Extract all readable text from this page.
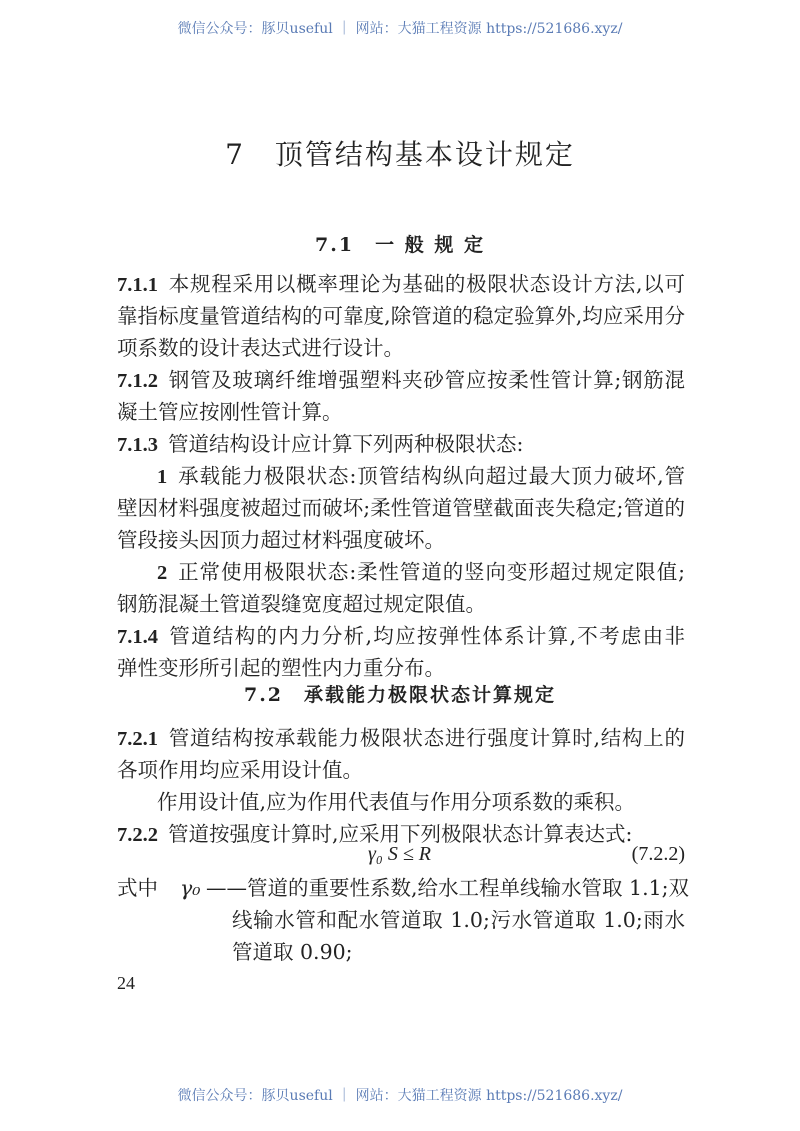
微信公众号：豚贝useful ｜ 网站：大猫工程资源 https://521686.xyz/
7　顶管结构基本设计规定
7.1　一 般 规 定
7.1.1 本规程采用以概率理论为基础的极限状态设计方法,以可
靠指标度量管道结构的可靠度,除管道的稳定验算外,均应采用分
项系数的设计表达式进行设计。
7.1.2 钢管及玻璃纤维增强塑料夹砂管应按柔性管计算;钢筋混
凝土管应按刚性管计算。
7.1.3 管道结构设计应计算下列两种极限状态:
1 承载能力极限状态:顶管结构纵向超过最大顶力破坏,管
壁因材料强度被超过而破坏;柔性管道管壁截面丧失稳定;管道的
管段接头因顶力超过材料强度破坏。
2 正常使用极限状态:柔性管道的竖向变形超过规定限值;
钢筋混凝土管道裂缝宽度超过规定限值。
7.1.4 管道结构的内力分析,均应按弹性体系计算,不考虑由非
弹性变形所引起的塑性内力重分布。
7.2　承载能力极限状态计算规定
7.2.1 管道结构按承载能力极限状态进行强度计算时,结构上的
各项作用均应采用设计值。
作用设计值,应为作用代表值与作用分项系数的乘积。
7.2.2 管道按强度计算时,应采用下列极限状态计算表达式:
γ₀ S ≤ R	(7.2.2)
式中	γ₀ ——管道的重要性系数,给水工程单线输水管取 1.1;双
线输水管和配水管道取 1.0;污水管道取 1.0;雨水
管道取 0.90;
24
微信公众号：豚贝useful ｜ 网站：大猫工程资源 https://521686.xyz/
